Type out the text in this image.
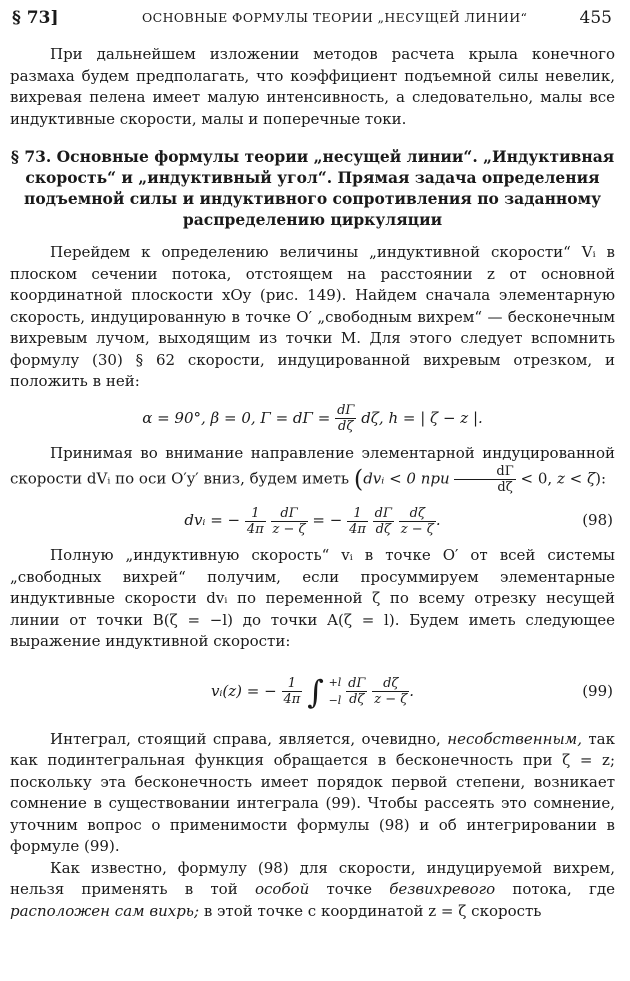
§ 73]	ОСНОВНЫЕ ФОРМУЛЫ ТЕОРИИ „НЕСУЩЕЙ ЛИНИИ“	455

При дальнейшем изложении методов расчета крыла конечного размаха будем предполагать, что коэффициент подъемной силы невелик, вихревая пелена имеет малую интенсивность, а следовательно, малы все индуктивные скорости, малы и поперечные токи.

§ 73. Основные формулы теории „несущей линии“. „Индуктивная скорость“ и „индуктивный угол“. Прямая задача определения подъемной силы и индуктивного сопротивления по заданному распределению циркуляции

Перейдем к определению величины „индуктивной скорости“ Vᵢ в плоском сечении потока, отстоящем на расстоянии z от основной координатной плоскости xOy (рис. 149). Найдем сначала элементарную скорость, индуцированную в точке O′ „свободным вихрем“ — бесконечным вихревым лучом, выходящим из точки M. Для этого следует вспомнить формулу (30) § 62 скорости, индуцированной вихревым отрезком, и положить в ней:

α = 90°, β = 0, $\Gamma = d\Gamma = \frac{d\Gamma}{d\zeta} d\zeta$, h = | ζ − z |.

Принимая во внимание направление элементарной индуцированной скорости dVᵢ по оси O′y′ вниз, будем иметь (dvᵢ < 0 при $\frac{d\Gamma}{d\zeta} < 0$, z < ζ):

dvᵢ = − $\frac{1}{4\pi}$
$\frac{d\Gamma}{z - \zeta}$ = − $\frac{1}{4\pi}$
$\frac{d\Gamma}{d\zeta}$
$\frac{d\zeta}{z - \zeta}$ .	(98)

Полную „индуктивную скорость“ vᵢ в точке O′ от всей системы „свободных вихрей“ получим, если просуммируем элементарные индуктивные скорости dvᵢ по переменной ζ по всему отрезку несущей линии от точки B(ζ = −l) до точки A(ζ = l). Будем иметь следующее выражение индуктивной скорости:

vᵢ(z) = − $\frac{1}{4\pi}$ ∫ +l
−l
$\frac{d\Gamma}{d\zeta}$
$\frac{d\zeta}{z - \zeta}$ .	(99)

Интеграл, стоящий справа, является, очевидно, несобственным, так как подинтегральная функция обращается в бесконечность при ζ = z; поскольку эта бесконечность имеет порядок первой степени, возникает сомнение в существовании интеграла (99). Чтобы рассеять это сомнение, уточним вопрос о применимости формулы (98) и об интегрировании в формуле (99).

Как известно, формулу (98) для скорости, индуцируемой вихрем, нельзя применять в той особой точке безвихревого потока, где расположен сам вихрь; в этой точке с координатой z = ζ скорость
